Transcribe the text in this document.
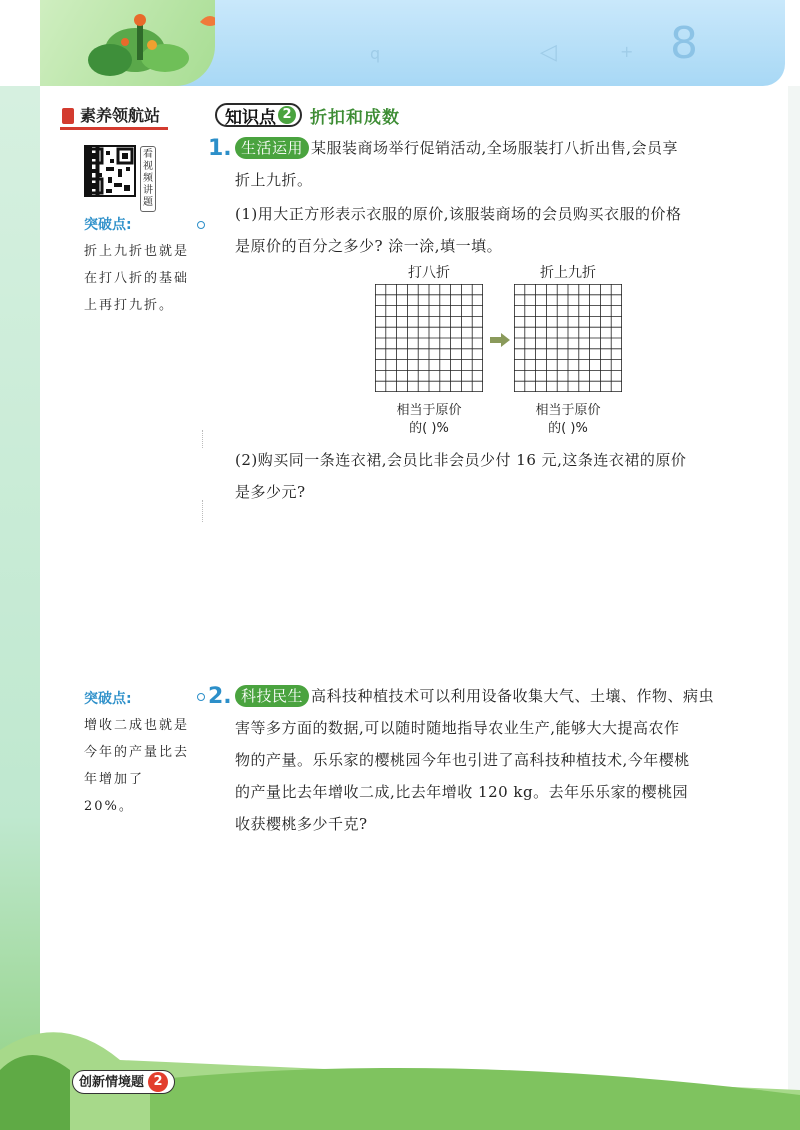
q	◁	+ 8
素养领航站
看视频讲题
突破点:
折上九折也就是
在打八折的基础
上再打九折。
突破点:
增收二成也就是
今年的产量比去
年增加了 20%。
知识点 2 折扣和成数
1. 生活运用 某服装商场举行促销活动,全场服装打八折出售,会员享
折上九折。
(1)用大正方形表示衣服的原价,该服装商场的会员购买衣服的价格
是原价的百分之多少? 涂一涂,填一填。
打八折	折上九折
相当于原价
的( )%
相当于原价
的( )%
(2)购买同一条连衣裙,会员比非会员少付 16 元,这条连衣裙的原价
是多少元?
2. 科技民生 高科技种植技术可以利用设备收集大气、土壤、作物、病虫
害等多方面的数据,可以随时随地指导农业生产,能够大大提高农作
物的产量。乐乐家的樱桃园今年也引进了高科技种植技术,今年樱桃
的产量比去年增收二成,比去年增收 120 kg。去年乐乐家的樱桃园
收获樱桃多少千克?
创新情境题 2
